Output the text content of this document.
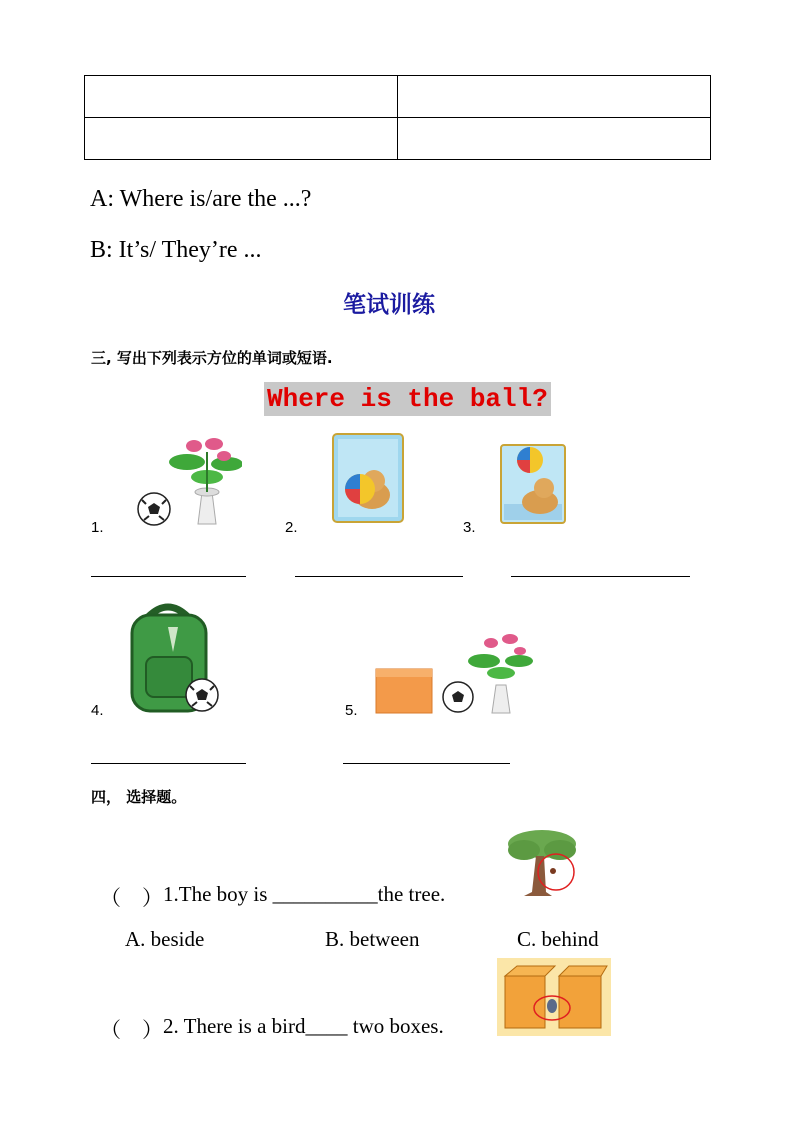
A: Where is/are the ...?
B: It’s/ They’re ...
笔试训练
三, 写出下列表示方位的单词或短语.
Where is the ball?
1.	2.	3.
4.	5.
四， 选择题。
（　） 1.The boy is __________the tree.
A. beside	B. between	C. behind
（　） 2. There is a bird____ two boxes.
